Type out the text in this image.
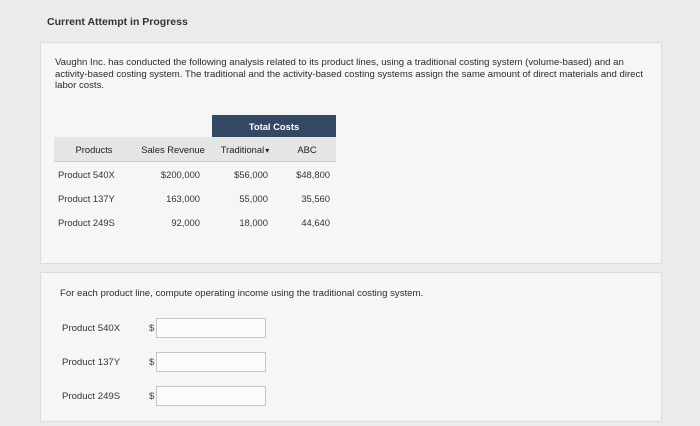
Current Attempt in Progress

Vaughn Inc. has conducted the following analysis related to its product lines, using a traditional costing system (volume-based) and an activity-based costing system. The traditional and the activity-based costing systems assign the same amount of direct materials and direct labor costs.

		Total Costs	
Products	Sales Revenue	Traditional▾	ABC
Product 540X	$200,000	$56,000	$48,800
Product 137Y	163,000	55,000	35,560
Product 249S	92,000	18,000	44,640

For each product line, compute operating income using the traditional costing system.

Product 540X	$
Product 137Y	$
Product 249S	$
